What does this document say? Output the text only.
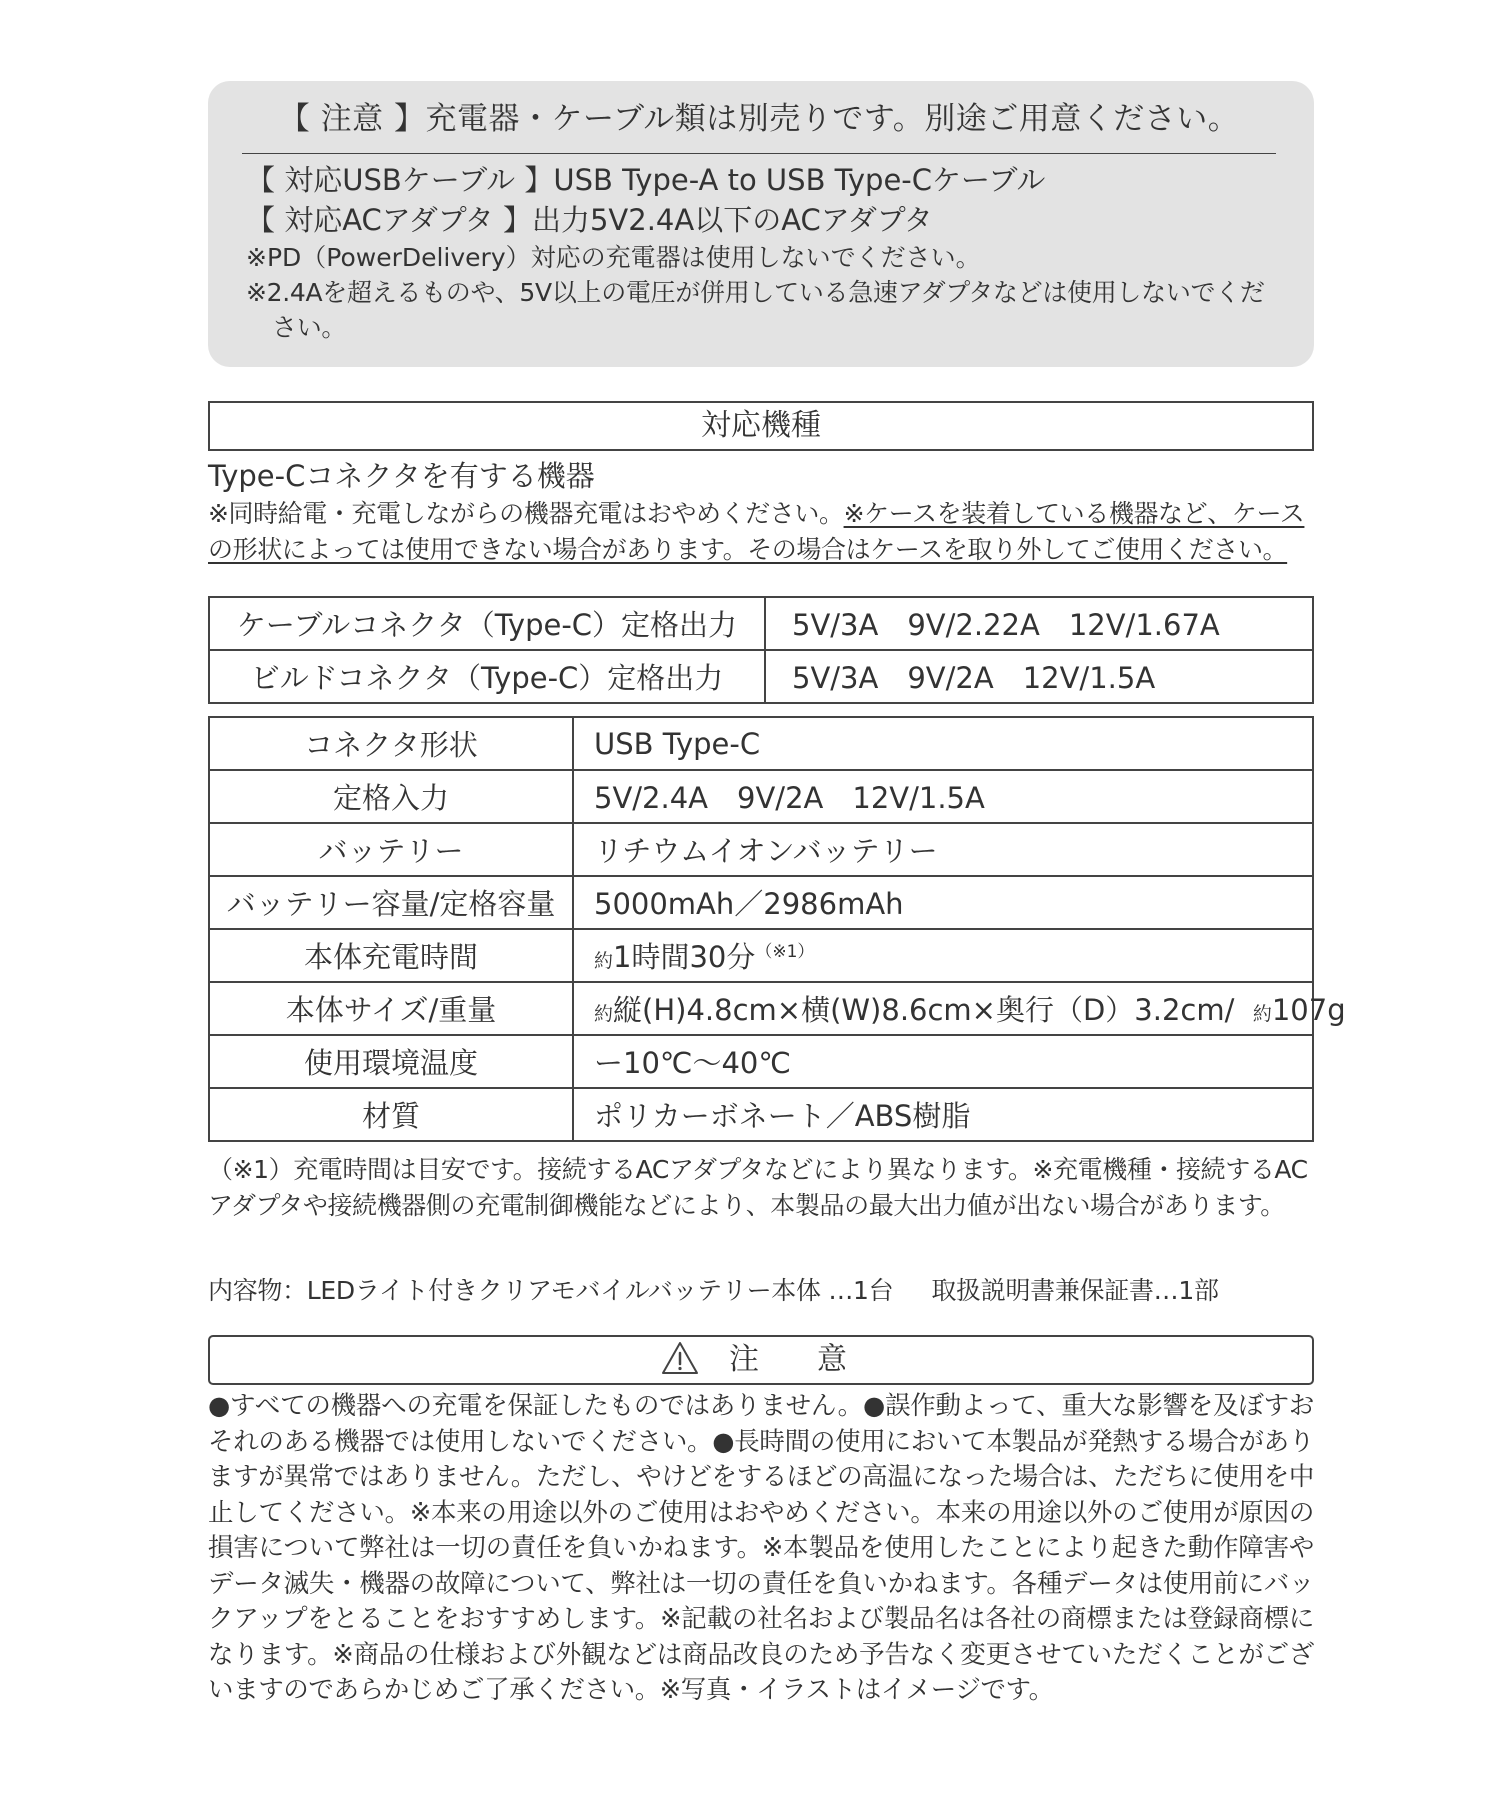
【 注意 】充電器・ケーブル類は別売りです。別途ご用意ください。
【 対応USBケーブル 】USB Type-A to USB Type-Cケーブル
【 対応ACアダプタ 】出力5V2.4A以下のACアダプタ
※PD（PowerDelivery）対応の充電器は使用しないでください。
※2.4Aを超えるものや、5V以上の電圧が併用している急速アダプタなどは使用しないでください。
対応機種
Type-Cコネクタを有する機器
※同時給電・充電しながらの機器充電はおやめください。※ケースを装着している機器など、ケースの形状によっては使用できない場合があります。その場合はケースを取り外してご使用ください。
ケーブルコネクタ（Type-C）定格出力	5V/3A　9V/2.22A　12V/1.67A
ビルドコネクタ（Type-C）定格出力	5V/3A　9V/2A　12V/1.5A
コネクタ形状	USB Type-C
定格入力	5V/2.4A　9V/2A　12V/1.5A
バッテリー	リチウムイオンバッテリー
バッテリー容量/定格容量	5000mAh／2986mAh
本体充電時間	約1時間30分$^{(※1)}$
本体サイズ/重量	約縦(H)4.8cm×横(W)8.6cm×奥行（D）3.2cm/ 約107g
使用環境温度	ー10℃～40℃
材質	ポリカーボネート／ABS樹脂
（※1）充電時間は目安です。接続するACアダプタなどにより異なります。※充電機種・接続するACアダプタや接続機器側の充電制御機能などにより、本製品の最大出力値が出ない場合があります。
内容物：LEDライト付きクリアモバイルバッテリー本体 …1台 取扱説明書兼保証書…1部
注　意
●すべての機器への充電を保証したものではありません。●誤作動よって、重大な影響を及ぼすおそれのある機器では使用しないでください。●長時間の使用において本製品が発熱する場合がありますが異常ではありません。ただし、やけどをするほどの高温になった場合は、ただちに使用を中止してください。※本来の用途以外のご使用はおやめください。本来の用途以外のご使用が原因の損害について弊社は一切の責任を負いかねます。※本製品を使用したことにより起きた動作障害やデータ滅失・機器の故障について、弊社は一切の責任を負いかねます。各種データは使用前にバックアップをとることをおすすめします。※記載の社名および製品名は各社の商標または登録商標になります。※商品の仕様および外観などは商品改良のため予告なく変更させていただくことがございますのであらかじめご了承ください。※写真・イラストはイメージです。
